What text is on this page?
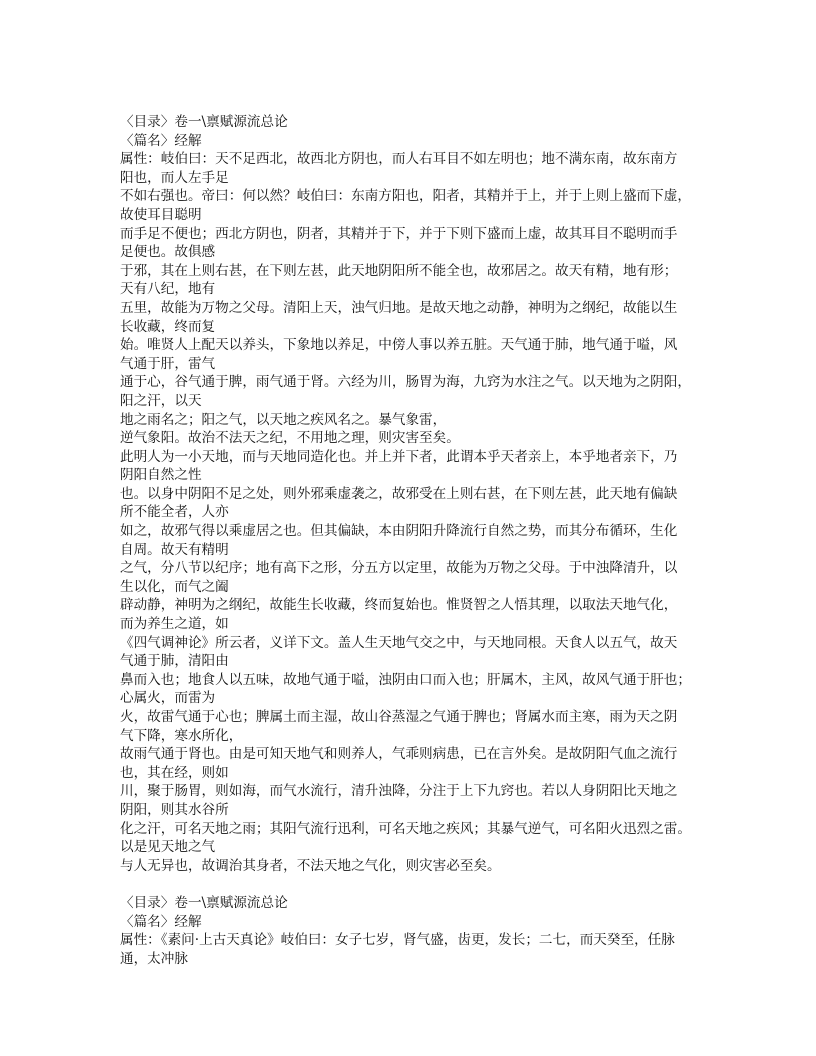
〈目录〉卷一\禀赋源流总论
〈篇名〉经解
属性：岐伯曰：天不足西北，故西北方阴也，而人右耳目不如左明也；地不满东南，故东南方
阳也，而人左手足
不如右强也。帝曰：何以然？岐伯曰：东南方阳也，阳者，其精并于上，并于上则上盛而下虚，
故使耳目聪明
而手足不便也；西北方阴也，阴者，其精并于下，并于下则下盛而上虚，故其耳目不聪明而手
足便也。故俱感
于邪，其在上则右甚，在下则左甚，此天地阴阳所不能全也，故邪居之。故天有精，地有形；
天有八纪，地有
五里，故能为万物之父母。清阳上天，浊气归地。是故天地之动静，神明为之纲纪，故能以生
长收藏，终而复
始。唯贤人上配天以养头，下象地以养足，中傍人事以养五脏。天气通于肺，地气通于嗌，风
气通于肝，雷气
通于心，谷气通于脾，雨气通于肾。六经为川，肠胃为海，九窍为水注之气。以天地为之阴阳，
阳之汗，以天
地之雨名之；阳之气，以天地之疾风名之。暴气象雷，
逆气象阳。故治不法天之纪，不用地之理，则灾害至矣。
此明人为一小天地，而与天地同造化也。并上并下者，此谓本乎天者亲上，本乎地者亲下，乃
阴阳自然之性
也。以身中阴阳不足之处，则外邪乘虚袭之，故邪受在上则右甚，在下则左甚，此天地有偏缺
所不能全者，人亦
如之，故邪气得以乘虚居之也。但其偏缺，本由阴阳升降流行自然之势，而其分布循环，生化
自周。故天有精明
之气，分八节以纪序；地有高下之形，分五方以定里，故能为万物之父母。于中浊降清升，以
生以化，而气之阖
辟动静，神明为之纲纪，故能生长收藏，终而复始也。惟贤智之人悟其理，以取法天地气化，
而为养生之道，如
《四气调神论》所云者，义详下文。盖人生天地气交之中，与天地同根。天食人以五气，故天
气通于肺，清阳由
鼻而入也；地食人以五味，故地气通于嗌，浊阴由口而入也；肝属木，主风，故风气通于肝也；
心属火，而雷为
火，故雷气通于心也；脾属土而主湿，故山谷蒸湿之气通于脾也；肾属水而主寒，雨为天之阴
气下降，寒水所化，
故雨气通于肾也。由是可知天地气和则养人，气乖则病患，已在言外矣。是故阴阳气血之流行
也，其在经，则如
川，聚于肠胃，则如海，而气水流行，清升浊降，分注于上下九窍也。若以人身阴阳比天地之
阴阳，则其水谷所
化之汗，可名天地之雨；其阳气流行迅利，可名天地之疾风；其暴气逆气，可名阳火迅烈之雷。
以是见天地之气
与人无异也，故调治其身者，不法天地之气化，则灾害必至矣。
〈目录〉卷一\禀赋源流总论
〈篇名〉经解
属性：《素问·上古天真论》岐伯曰：女子七岁，肾气盛，齿更，发长；二七，而天癸至，任脉
通，太冲脉
